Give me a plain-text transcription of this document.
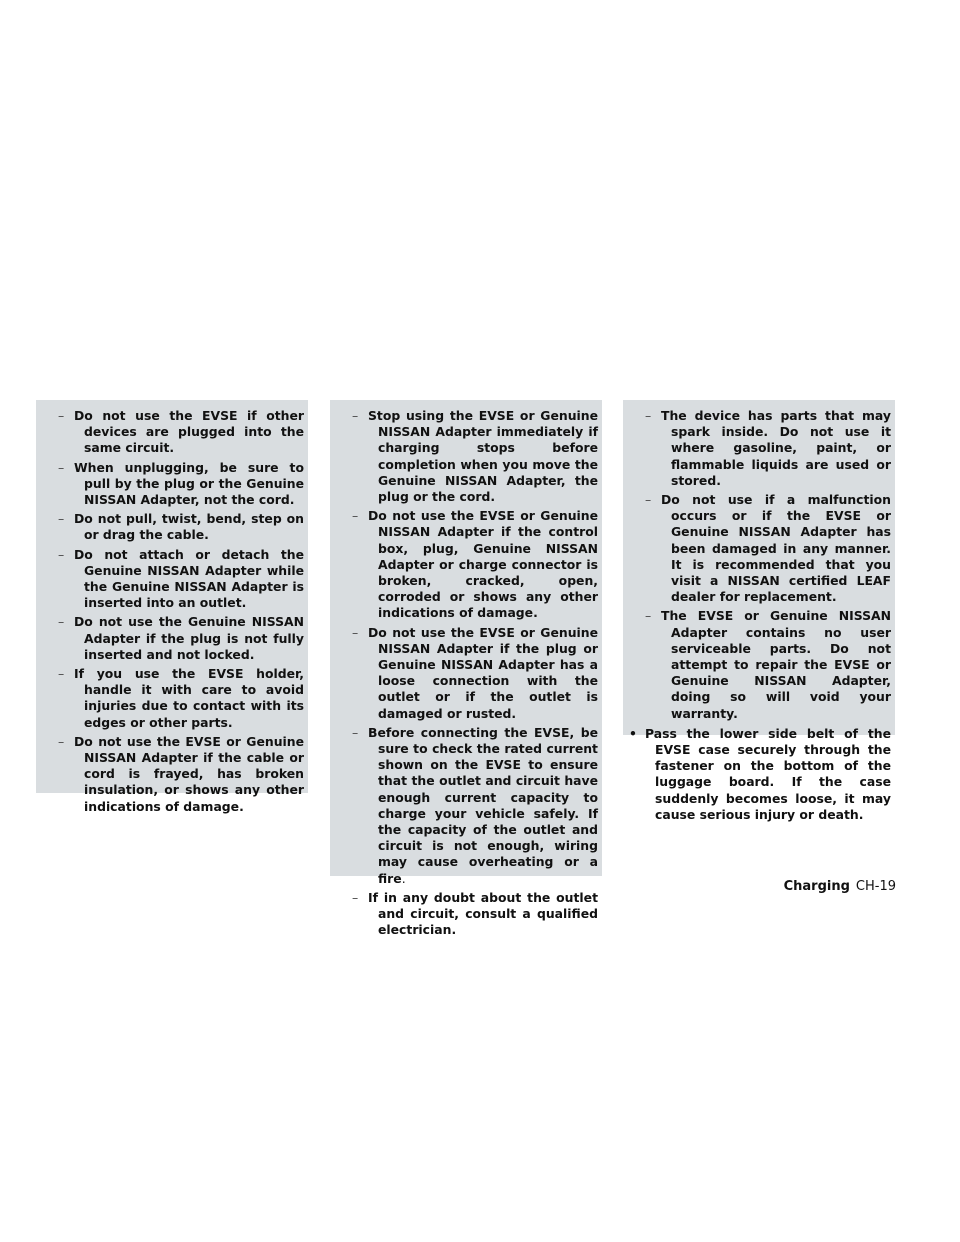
– Do not use the EVSE if other devices are plugged into the same circuit.
– When unplugging, be sure to pull by the plug or the Genuine NISSAN Adapter, not the cord.
– Do not pull, twist, bend, step on or drag the cable.
– Do not attach or detach the Genuine NISSAN Adapter while the Genuine NISSAN Adapter is inserted into an outlet.
– Do not use the Genuine NISSAN Adapter if the plug is not fully inserted and not locked.
– If you use the EVSE holder, handle it with care to avoid injuries due to contact with its edges or other parts.
– Do not use the EVSE or Genuine NISSAN Adapter if the cable or cord is frayed, has broken insulation, or shows any other indications of damage.
– Stop using the EVSE or Genuine NISSAN Adapter immediately if charging stops before completion when you move the Genuine NISSAN Adapter, the plug or the cord.
– Do not use the EVSE or Genuine NISSAN Adapter if the control box, plug, Genuine NISSAN Adapter or charge connector is broken, cracked, open, corroded or shows any other indications of damage.
– Do not use the EVSE or Genuine NISSAN Adapter if the plug or Genuine NISSAN Adapter has a loose connection with the outlet or if the outlet is damaged or rusted.
– Before connecting the EVSE, be sure to check the rated current shown on the EVSE to ensure that the outlet and circuit have enough current capacity to charge your vehicle safely. If the capacity of the outlet and circuit is not enough, wiring may cause overheating or a fire.
– If in any doubt about the outlet and circuit, consult a qualified electrician.
– The device has parts that may spark inside. Do not use it where gasoline, paint, or flammable liquids are used or stored.
– Do not use if a malfunction occurs or if the EVSE or Genuine NISSAN Adapter has been damaged in any manner. It is recommended that you visit a NISSAN certified LEAF dealer for replacement.
– The EVSE or Genuine NISSAN Adapter contains no user serviceable parts. Do not attempt to repair the EVSE or Genuine NISSAN Adapter, doing so will void your warranty.
• Pass the lower side belt of the EVSE case securely through the fastener on the bottom of the luggage board. If the case suddenly becomes loose, it may cause serious injury or death.
Charging CH-19
